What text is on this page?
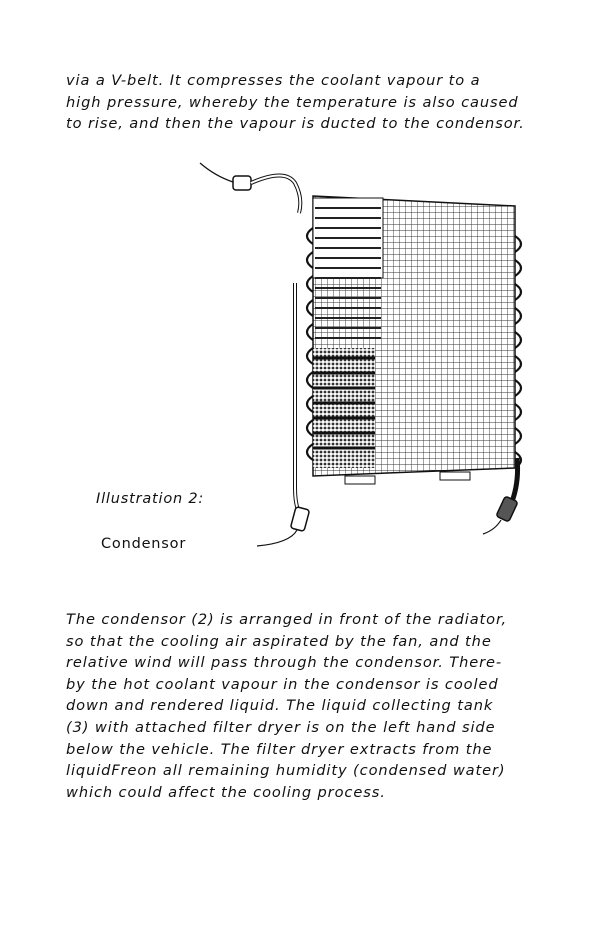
via a V-belt. It compresses the coolant vapour to a
high pressure, whereby the temperature is also caused
to rise, and then the vapour is ducted to the condensor.

Illustration 2:

Condensor

The condensor (2) is arranged in front of the radiator,
so that the cooling air aspirated by the fan, and the
relative wind will pass through the condensor. There-
by the hot coolant vapour in the condensor is cooled
down and rendered liquid. The liquid collecting tank
(3) with attached filter dryer is on the left hand side
below the vehicle. The filter dryer extracts from the
liquidFreon all remaining humidity (condensed water)
which could affect the cooling process.
